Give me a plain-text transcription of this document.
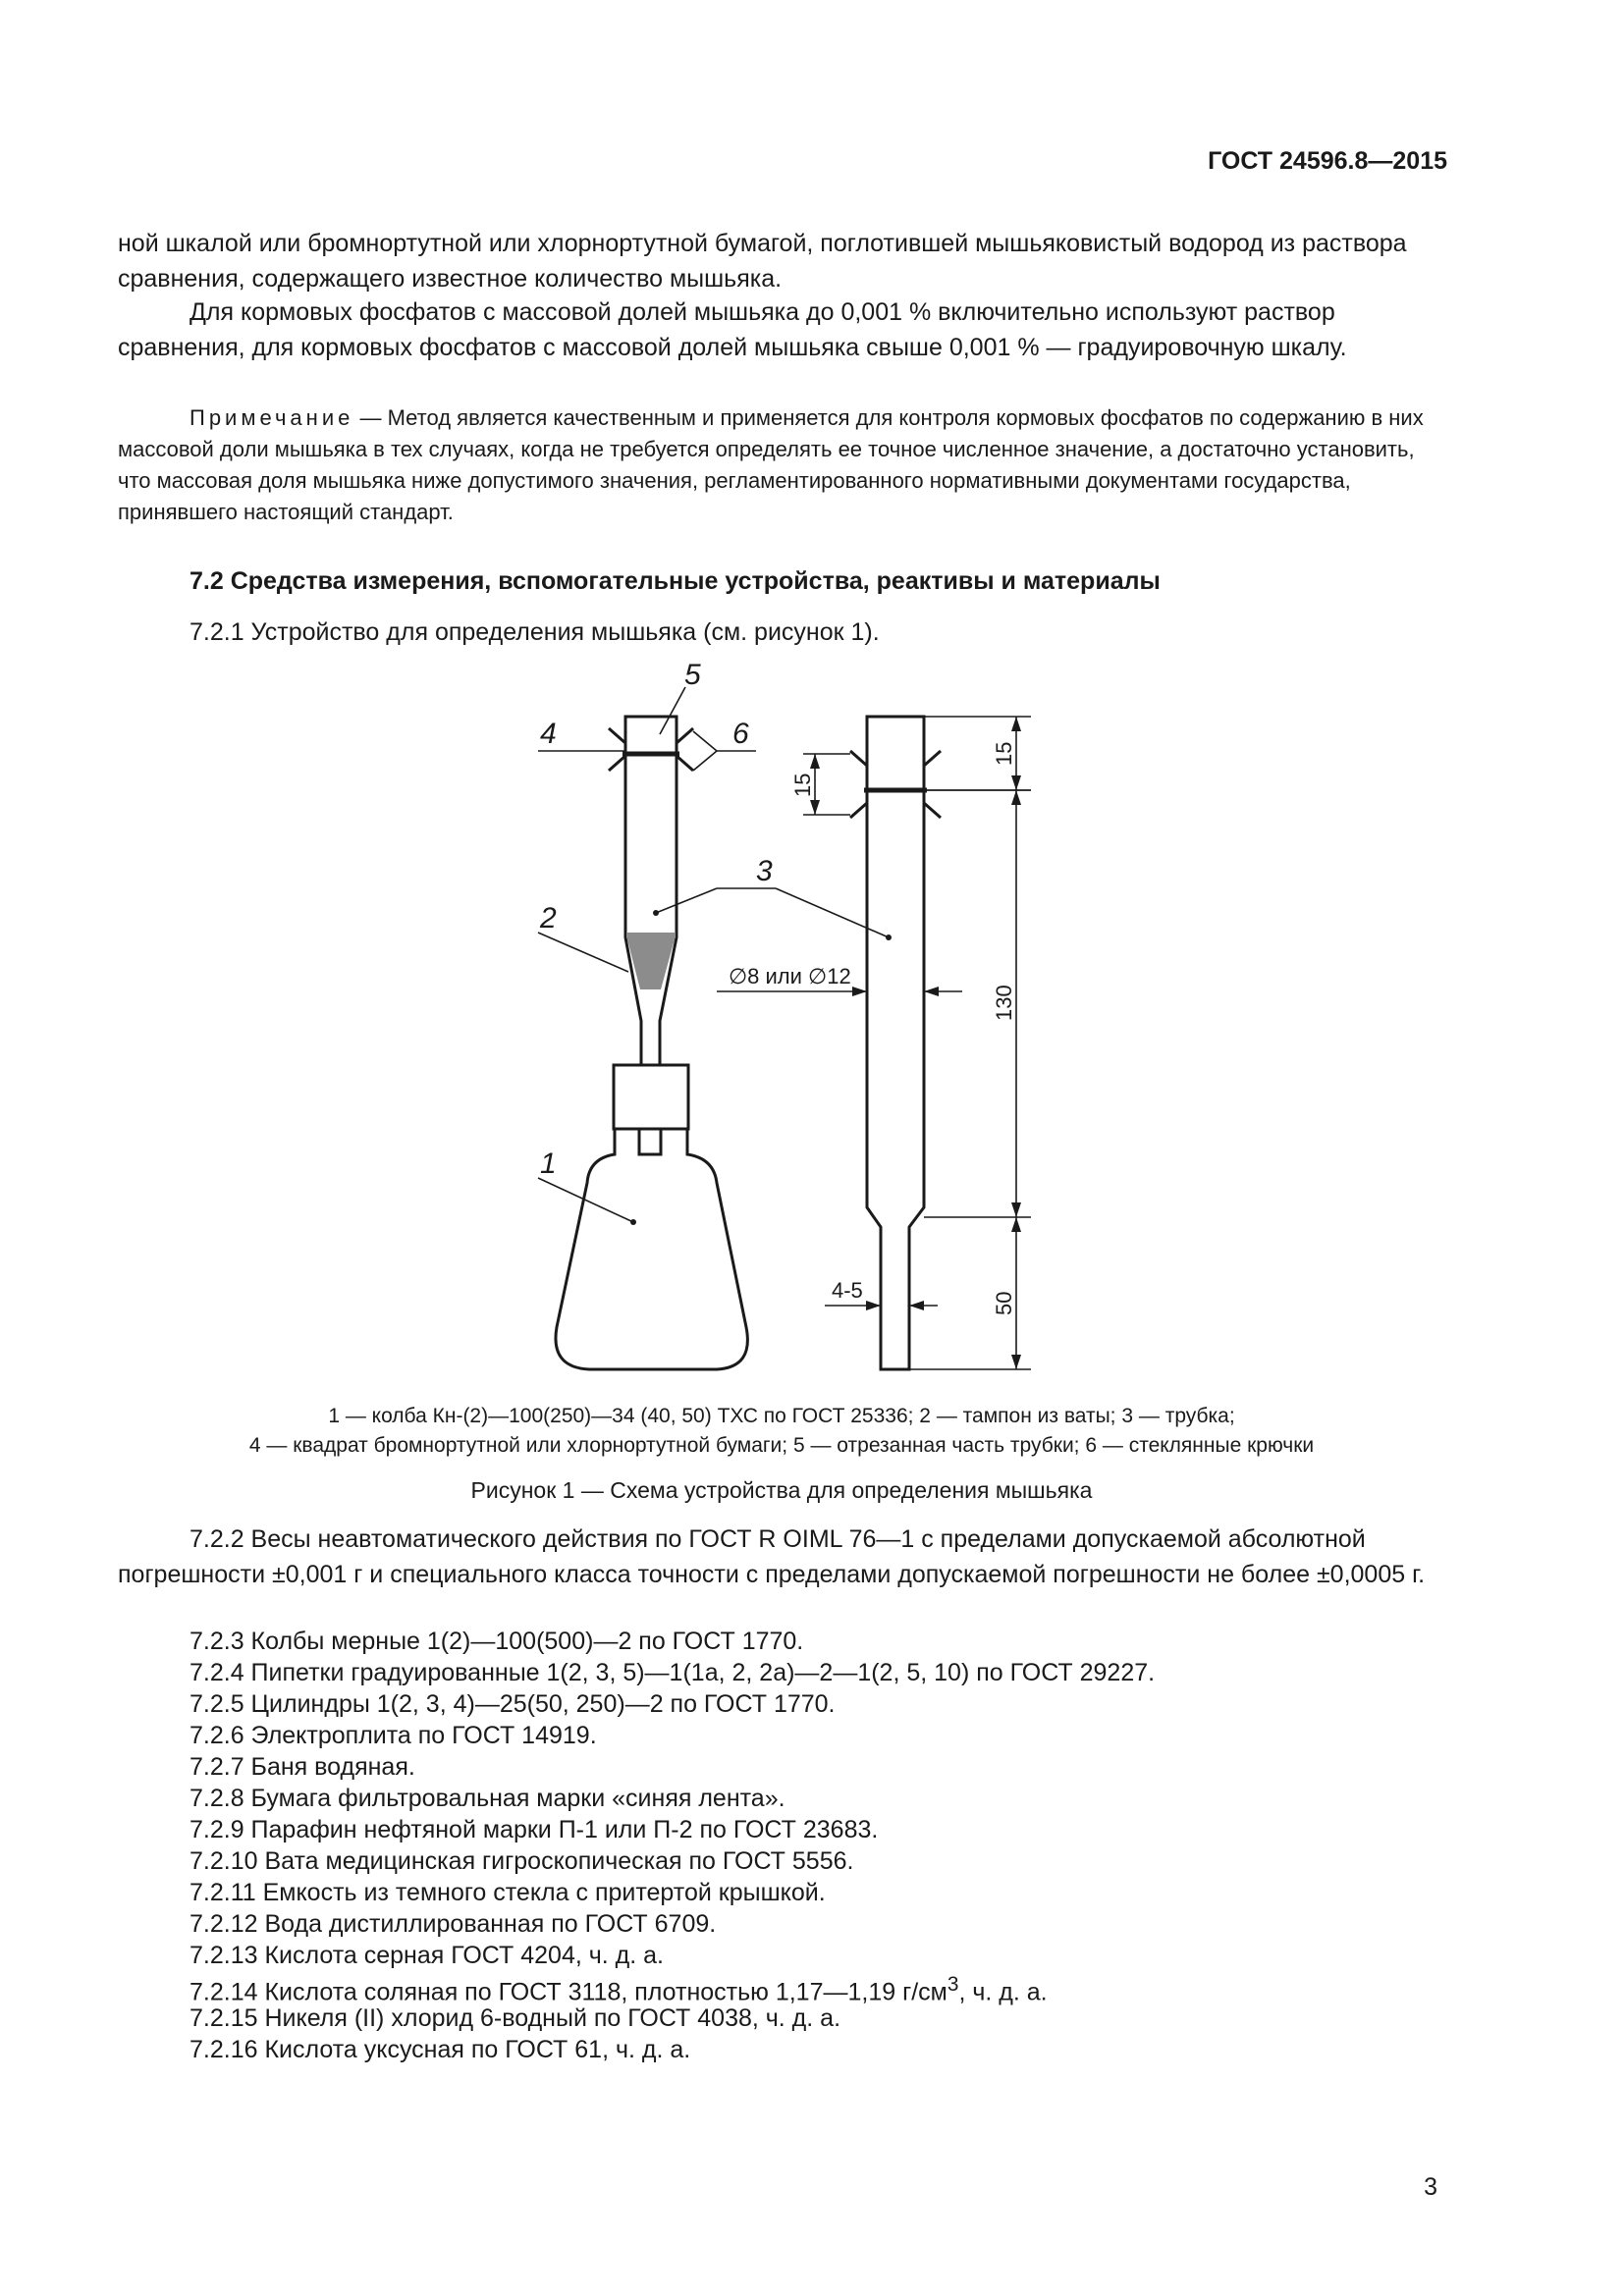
ГОСТ 24596.8—2015

ной шкалой или бромнортутной или хлорнортутной бумагой, поглотившей мышьяковистый водород из раствора сравнения, содержащего известное количество мышьяка.

Для кормовых фосфатов с массовой долей мышьяка до 0,001 % включительно используют раствор сравнения, для кормовых фосфатов с массовой долей мышьяка свыше 0,001 % — градуировочную шкалу.

Примечание — Метод является качественным и применяется для контроля кормовых фосфатов по содержанию в них массовой доли мышьяка в тех случаях, когда не требуется определять ее точное численное значение, а достаточно установить, что массовая доля мышьяка ниже допустимого значения, регламентированного нормативными документами государства, принявшего настоящий стандарт.

7.2 Средства измерения, вспомогательные устройства, реактивы и материалы

7.2.1 Устройство для определения мышьяка (см. рисунок 1).

4
5
6
3
2
1
15
130
50
15
∅8 или ∅12
4-5

1 — колба Кн-(2)—100(250)—34 (40, 50) ТХС по ГОСТ 25336; 2 — тампон из ваты; 3 — трубка;

4 — квадрат бромнортутной или хлорнортутной бумаги; 5 — отрезанная часть трубки; 6 — стеклянные крючки

Рисунок 1 — Схема устройства для определения мышьяка

7.2.2 Весы неавтоматического действия по ГОСТ R OIML 76—1 с пределами допускаемой абсолютной погрешности ±0,001 г и специального класса точности с пределами допускаемой погрешности не более ±0,0005 г.

7.2.3 Колбы мерные 1(2)—100(500)—2 по ГОСТ 1770.

7.2.4 Пипетки градуированные 1(2, 3, 5)—1(1а, 2, 2а)—2—1(2, 5, 10) по ГОСТ 29227.

7.2.5 Цилиндры 1(2, 3, 4)—25(50, 250)—2 по ГОСТ 1770.

7.2.6 Электроплита по ГОСТ 14919.

7.2.7 Баня водяная.

7.2.8 Бумага фильтровальная марки «синяя лента».

7.2.9 Парафин нефтяной марки П-1 или П-2 по ГОСТ 23683.

7.2.10 Вата медицинская гигроскопическая по ГОСТ 5556.

7.2.11 Емкость из темного стекла с притертой крышкой.

7.2.12 Вода дистиллированная по ГОСТ 6709.

7.2.13 Кислота серная ГОСТ 4204, ч. д. а.

7.2.14 Кислота соляная по ГОСТ 3118, плотностью 1,17—1,19 $г/см^3$, ч. д. а.

7.2.15 Никеля (II) хлорид 6-водный по ГОСТ 4038, ч. д. а.

7.2.16 Кислота уксусная по ГОСТ 61, ч. д. а.

3
